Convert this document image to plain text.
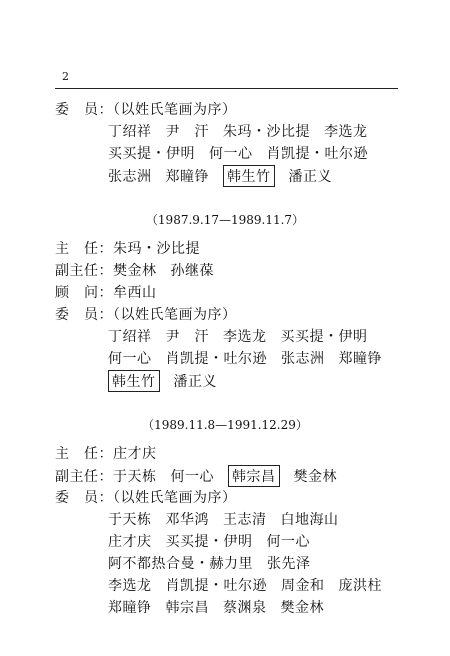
2
委　员：（以姓氏笔画为序）
丁绍祥 尹　汗 朱玛・沙比提 李选龙
买买提・伊明 何一心 肖凯提・吐尔逊
张志洲 郑瞳铮 韩生竹 潘正义
（1987.9.17—1989.11.7）
主　任：朱玛・沙比提
副主任：樊金林 孙继葆
顾　问：牟西山
委　员：（以姓氏笔画为序）
丁绍祥 尹　汗 李选龙 买买提・伊明
何一心 肖凯提・吐尔逊 张志洲 郑瞳铮
韩生竹 潘正义
（1989.11.8—1991.12.29）
主　任：庄才庆
副主任：于天栋 何一心 韩宗昌 樊金林
委　员：（以姓氏笔画为序）
于天栋 邓华鸿 王志清 白地海山
庄才庆 买买提・伊明 何一心
阿不都热合曼・赫力里 张先泽
李选龙 肖凯提・吐尔逊 周金和 庞洪柱
郑瞳铮 韩宗昌 蔡渊泉 樊金林
